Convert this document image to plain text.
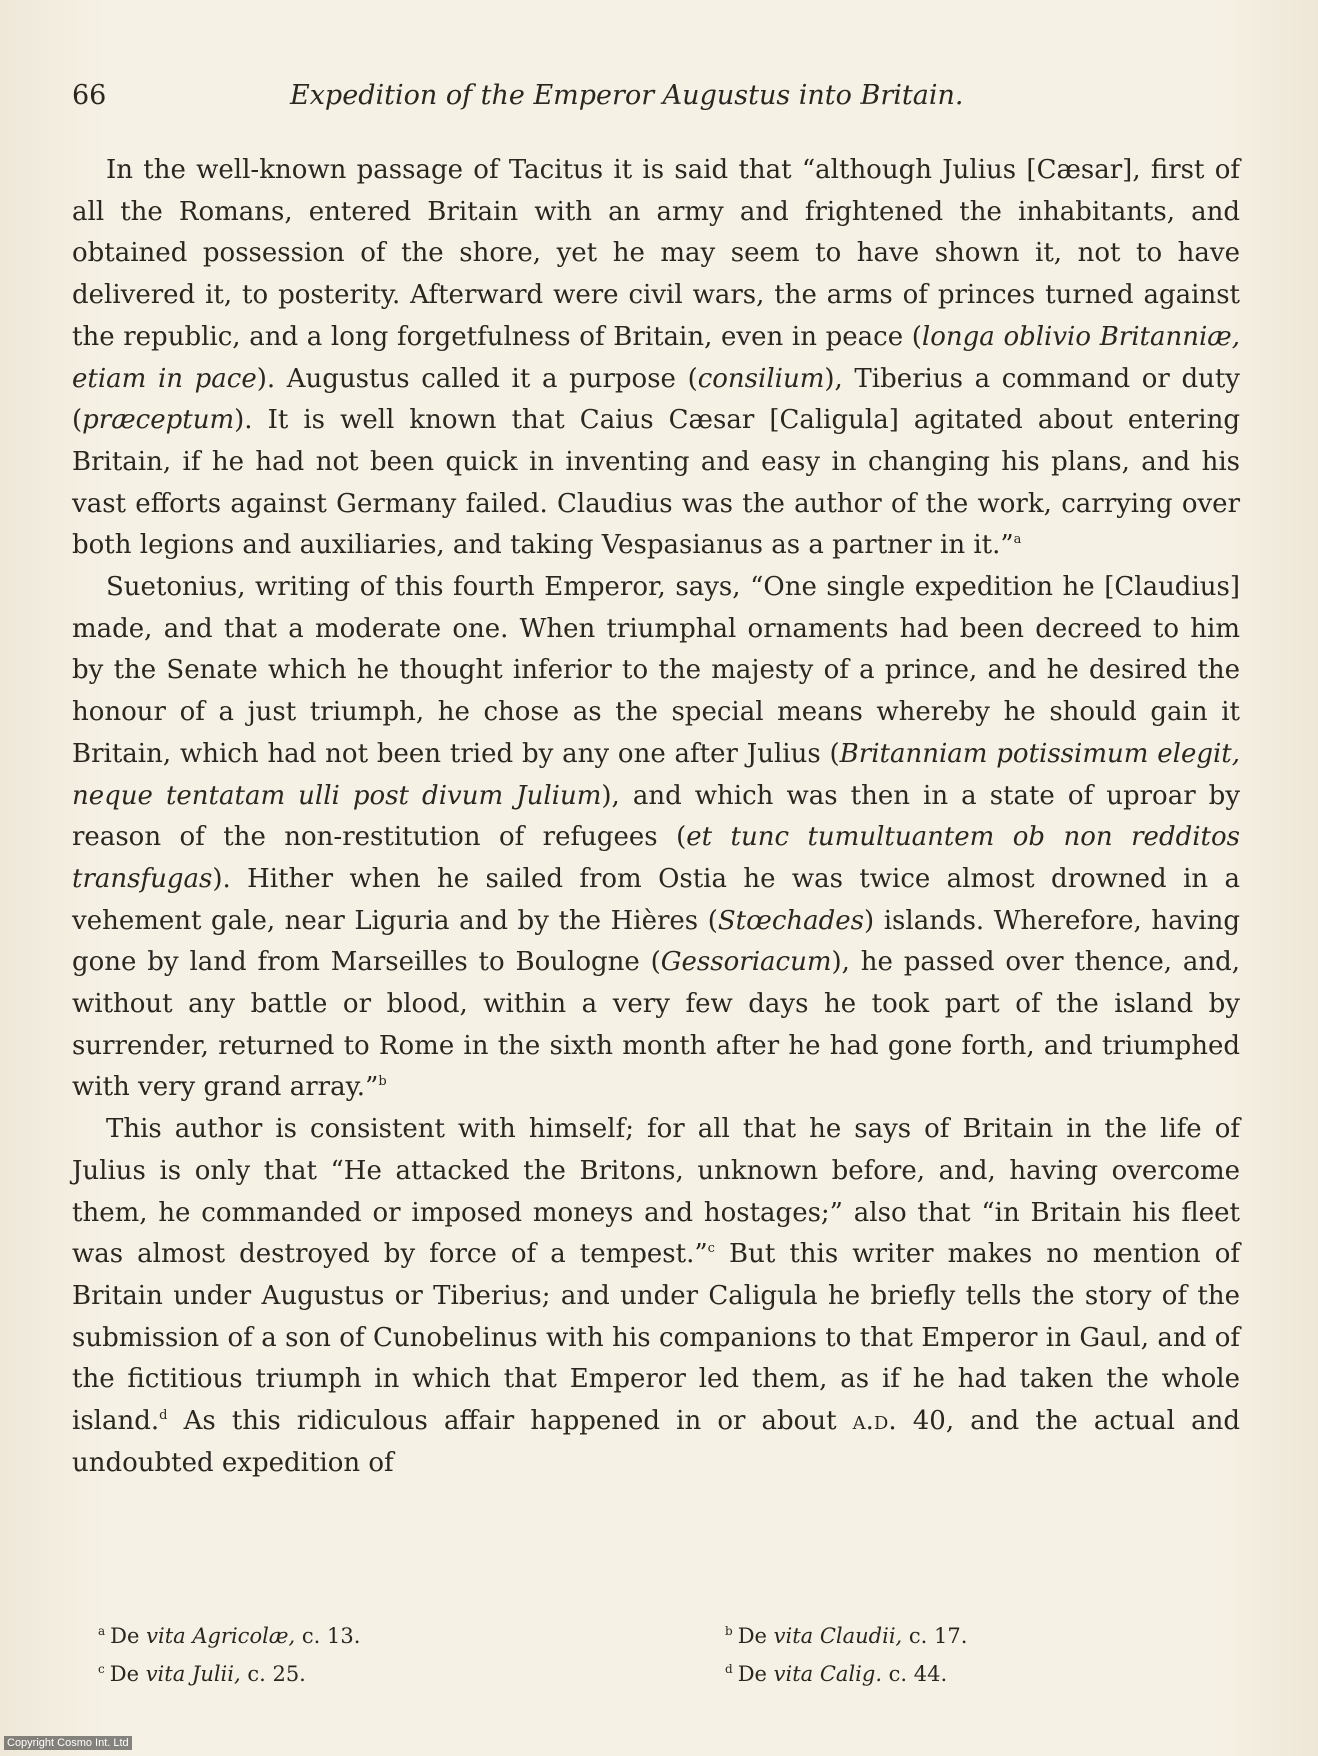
66	Expedition of the Emperor Augustus into Britain.

In the well-known passage of Tacitus it is said that “although Julius [Cæsar], first of all the Romans, entered Britain with an army and frightened the inhabitants, and obtained possession of the shore, yet he may seem to have shown it, not to have delivered it, to posterity. Afterward were civil wars, the arms of princes turned against the republic, and a long forgetfulness of Britain, even in peace (longa oblivio Britanniæ, etiam in pace). Augustus called it a purpose (consilium), Tiberius a command or duty (præceptum). It is well known that Caius Cæsar [Caligula] agitated about entering Britain, if he had not been quick in inventing and easy in changing his plans, and his vast efforts against Germany failed. Claudius was the author of the work, carrying over both legions and auxiliaries, and taking Vespasianus as a partner in it.”$^a$

Suetonius, writing of this fourth Emperor, says, “One single expedition he [Claudius] made, and that a moderate one. When triumphal ornaments had been decreed to him by the Senate which he thought inferior to the majesty of a prince, and he desired the honour of a just triumph, he chose as the special means whereby he should gain it Britain, which had not been tried by any one after Julius (Britanniam potissimum elegit, neque tentatam ulli post divum Julium), and which was then in a state of uproar by reason of the non-restitution of refugees (et tunc tumultuantem ob non redditos transfugas). Hither when he sailed from Ostia he was twice almost drowned in a vehement gale, near Liguria and by the Hières (Stœchades) islands. Wherefore, having gone by land from Marseilles to Boulogne (Gessoriacum), he passed over thence, and, without any battle or blood, within a very few days he took part of the island by surrender, returned to Rome in the sixth month after he had gone forth, and triumphed with very grand array.”$^b$

This author is consistent with himself; for all that he says of Britain in the life of Julius is only that “He attacked the Britons, unknown before, and, having overcome them, he commanded or imposed moneys and hostages;” also that “in Britain his fleet was almost destroyed by force of a tempest.”$^c$ But this writer makes no mention of Britain under Augustus or Tiberius; and under Caligula he briefly tells the story of the submission of a son of Cunobelinus with his companions to that Emperor in Gaul, and of the fictitious triumph in which that Emperor led them, as if he had taken the whole island.$^d$ As this ridiculous affair happened in or about a.d. 40, and the actual and undoubted expedition of

$^a$ De vita Agricolæ, c. 13.	$^b$ De vita Claudii, c. 17.
$^c$ De vita Julii, c. 25.	$^d$ De vita Calig. c. 44.
Copyright Cosmo Int. Ltd
